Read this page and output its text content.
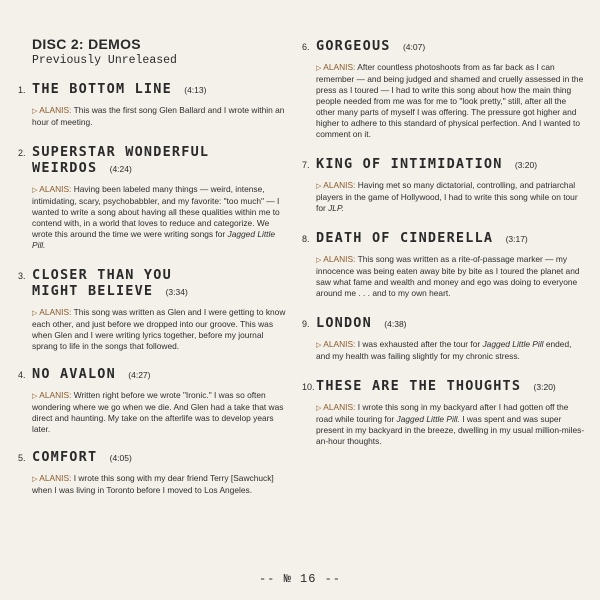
DISC 2: DEMOS
Previously Unreleased
1. THE BOTTOM LINE (4:13)
▷ ALANIS: This was the first song Glen Ballard and I wrote within an hour of meeting.
2. SUPERSTAR WONDERFUL
WEIRDOS (4:24)
▷ ALANIS: Having been labeled many things — weird, intense, intimidating, scary, psychobabbler, and my favorite: "too much" — I wanted to write a song about having all these qualities within me to contend with, in a world that loves to reduce and categorize. We wrote this around the time we were writing songs for Jagged Little Pill.
3. CLOSER THAN YOU
MIGHT BELIEVE (3:34)
▷ ALANIS: This song was written as Glen and I were getting to know each other, and just before we dropped into our groove. This was when Glen and I were writing lyrics together, before my journal sprang to life in the songs that followed.
4. NO AVALON (4:27)
▷ ALANIS: Written right before we wrote "Ironic." I was so often wondering where we go when we die. And Glen had a take that was direct and haunting. My take on the afterlife was to develop years later.
5. COMFORT (4:05)
▷ ALANIS: I wrote this song with my dear friend Terry [Sawchuck] when I was living in Toronto before I moved to Los Angeles.
6. GORGEOUS (4:07)
▷ ALANIS: After countless photoshoots from as far back as I can remember — and being judged and shamed and cruelly assessed in the press as I toured — I had to write this song about how the main thing people needed from me was for me to "look pretty," still, after all the other many parts of myself I was offering. The pressure got higher and higher to adhere to this standard of physical perfection. And I wanted to comment on it.
7. KING OF INTIMIDATION (3:20)
▷ ALANIS: Having met so many dictatorial, controlling, and patriarchal players in the game of Hollywood, I had to write this song while on tour for JLP.
8. DEATH OF CINDERELLA (3:17)
▷ ALANIS: This song was written as a rite-of-passage marker — my innocence was being eaten away bite by bite as I toured the planet and saw what fame and wealth and money and ego was doing to everyone around me . . . and to my own heart.
9. LONDON (4:38)
▷ ALANIS: I was exhausted after the tour for Jagged Little Pill ended, and my health was failing slightly for my chronic stress.
10. THESE ARE THE THOUGHTS (3:20)
▷ ALANIS: I wrote this song in my backyard after I had gotten off the road while touring for Jagged Little Pill. I was spent and was super present in my backyard in the breeze, dwelling in my usual million-miles-an-hour thoughts.
-- № 16 --
